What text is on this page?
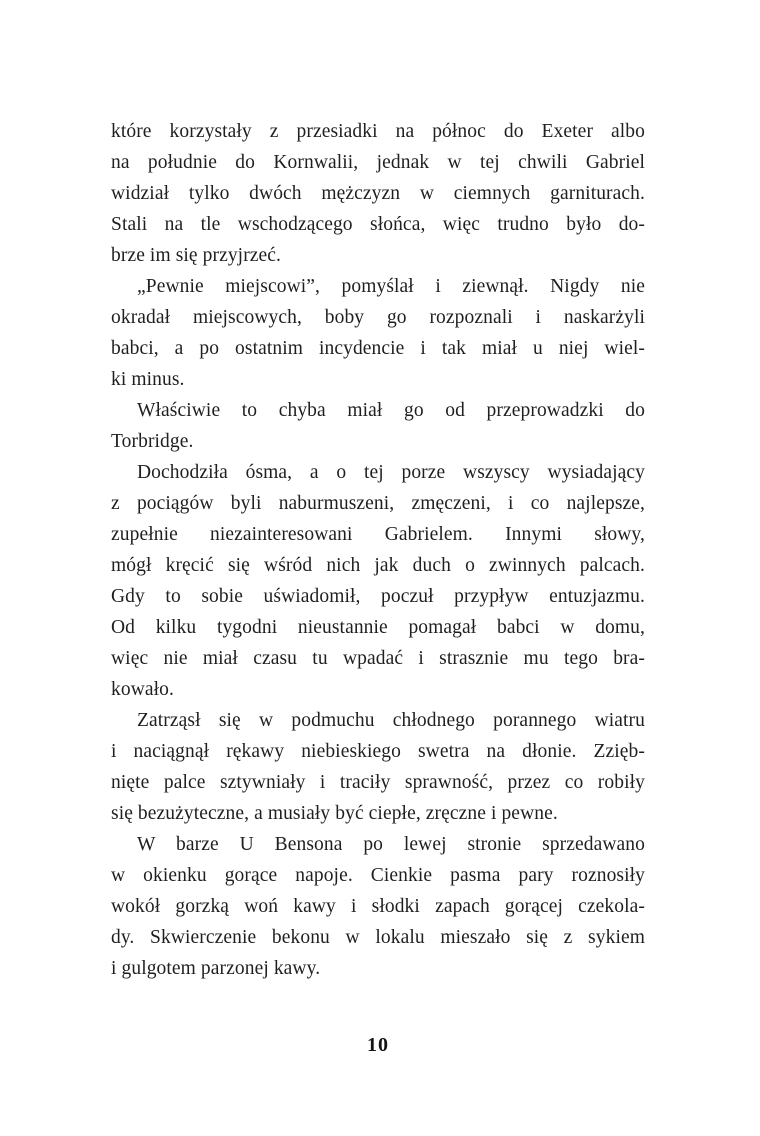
które korzystały z przesiadki na północ do Exeter albo
na południe do Kornwalii, jednak w tej chwili Gabriel
widział tylko dwóch mężczyzn w ciemnych garniturach.
Stali na tle wschodzącego słońca, więc trudno było do-
brze im się przyjrzeć.
„Pewnie miejscowi”, pomyślał i ziewnął. Nigdy nie
okradał miejscowych, boby go rozpoznali i naskarżyli
babci, a po ostatnim incydencie i tak miał u niej wiel-
ki minus.
Właściwie to chyba miał go od przeprowadzki do
Torbridge.
Dochodziła ósma, a o tej porze wszyscy wysiadający
z pociągów byli naburmuszeni, zmęczeni, i co najlepsze,
zupełnie niezainteresowani Gabrielem. Innymi słowy,
mógł kręcić się wśród nich jak duch o zwinnych palcach.
Gdy to sobie uświadomił, poczuł przypływ entuzjazmu.
Od kilku tygodni nieustannie pomagał babci w domu,
więc nie miał czasu tu wpadać i strasznie mu tego bra-
kowało.
Zatrząsł się w podmuchu chłodnego porannego wiatru
i naciągnął rękawy niebieskiego swetra na dłonie. Zzięb-
nięte palce sztywniały i traciły sprawność, przez co robiły
się bezużyteczne, a musiały być ciepłe, zręczne i pewne.
W barze U Bensona po lewej stronie sprzedawano
w okienku gorące napoje. Cienkie pasma pary roznosiły
wokół gorzką woń kawy i słodki zapach gorącej czekola-
dy. Skwierczenie bekonu w lokalu mieszało się z sykiem
i gulgotem parzonej kawy.
10
